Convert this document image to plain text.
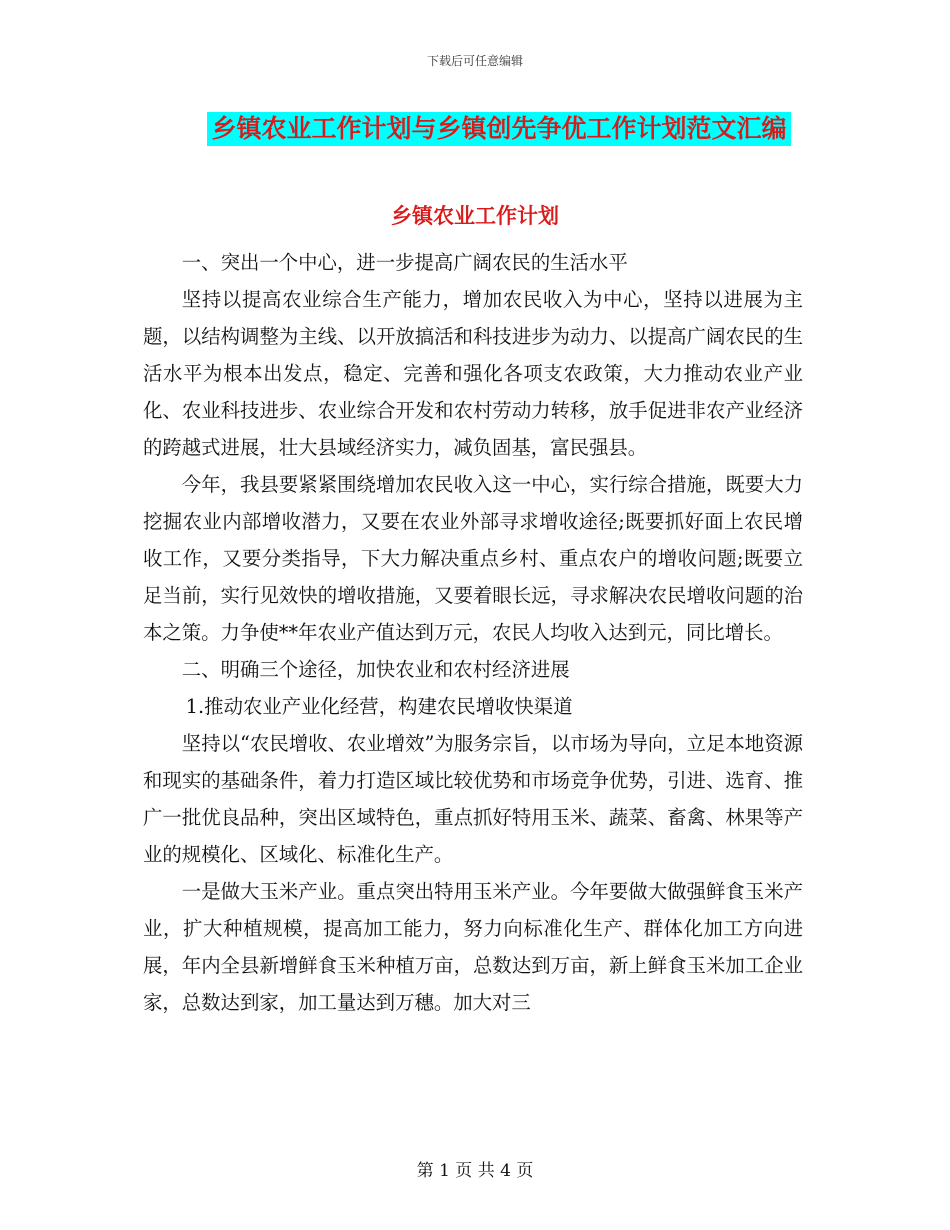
下载后可任意编辑
乡镇农业工作计划与乡镇创先争优工作计划范文汇编
乡镇农业工作计划

一、突出一个中心，进一步提高广阔农民的生活水平

坚持以提高农业综合生产能力，增加农民收入为中心，坚持以进展为主题，以结构调整为主线、以开放搞活和科技进步为动力、以提高广阔农民的生活水平为根本出发点，稳定、完善和强化各项支农政策，大力推动农业产业化、农业科技进步、农业综合开发和农村劳动力转移，放手促进非农产业经济的跨越式进展，壮大县域经济实力，减负固基，富民强县。

今年，我县要紧紧围绕增加农民收入这一中心，实行综合措施，既要大力挖掘农业内部增收潜力，又要在农业外部寻求增收途径;既要抓好面上农民增收工作，又要分类指导，下大力解决重点乡村、重点农户的增收问题;既要立足当前，实行见效快的增收措施，又要着眼长远，寻求解决农民增收问题的治本之策。力争使**年农业产值达到万元，农民人均收入达到元，同比增长。

二、明确三个途径，加快农业和农村经济进展

1.推动农业产业化经营，构建农民增收快渠道

坚持以“农民增收、农业增效”为服务宗旨，以市场为导向，立足本地资源和现实的基础条件，着力打造区域比较优势和市场竞争优势，引进、选育、推广一批优良品种，突出区域特色，重点抓好特用玉米、蔬菜、畜禽、林果等产业的规模化、区域化、标准化生产。

一是做大玉米产业。重点突出特用玉米产业。今年要做大做强鲜食玉米产业，扩大种植规模，提高加工能力，努力向标准化生产、群体化加工方向进展，年内全县新增鲜食玉米种植万亩，总数达到万亩，新上鲜食玉米加工企业家，总数达到家，加工量达到万穗。加大对三

第 1 页 共 4 页
